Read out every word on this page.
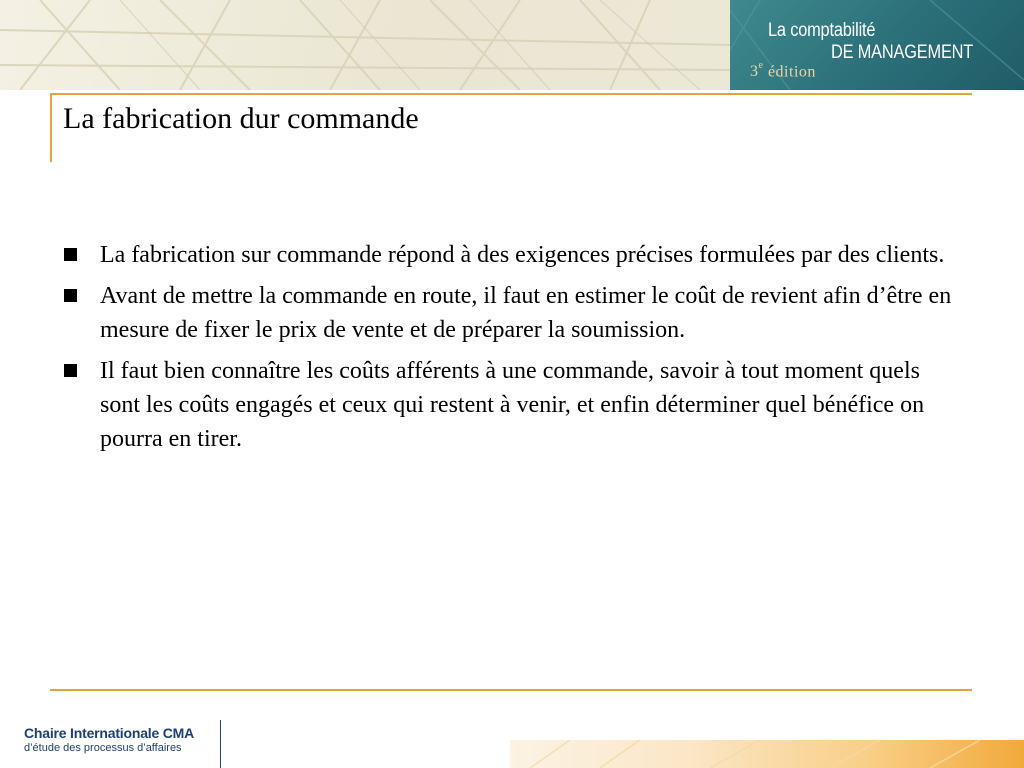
La comptabilité
DE MANAGEMENT
3e édition
La fabrication dur commande
La fabrication sur commande répond à des exigences précises formulées par des clients.
Avant de mettre la commande en route, il faut en estimer le coût de revient afin d’être en mesure de fixer le prix de vente et de préparer la soumission.
Il faut bien connaître les coûts afférents à une commande, savoir à tout moment quels sont les coûts engagés et ceux qui restent à venir, et enfin déterminer quel bénéfice on pourra en tirer.
Chaire Internationale CMA
d’étude des processus d’affaires
